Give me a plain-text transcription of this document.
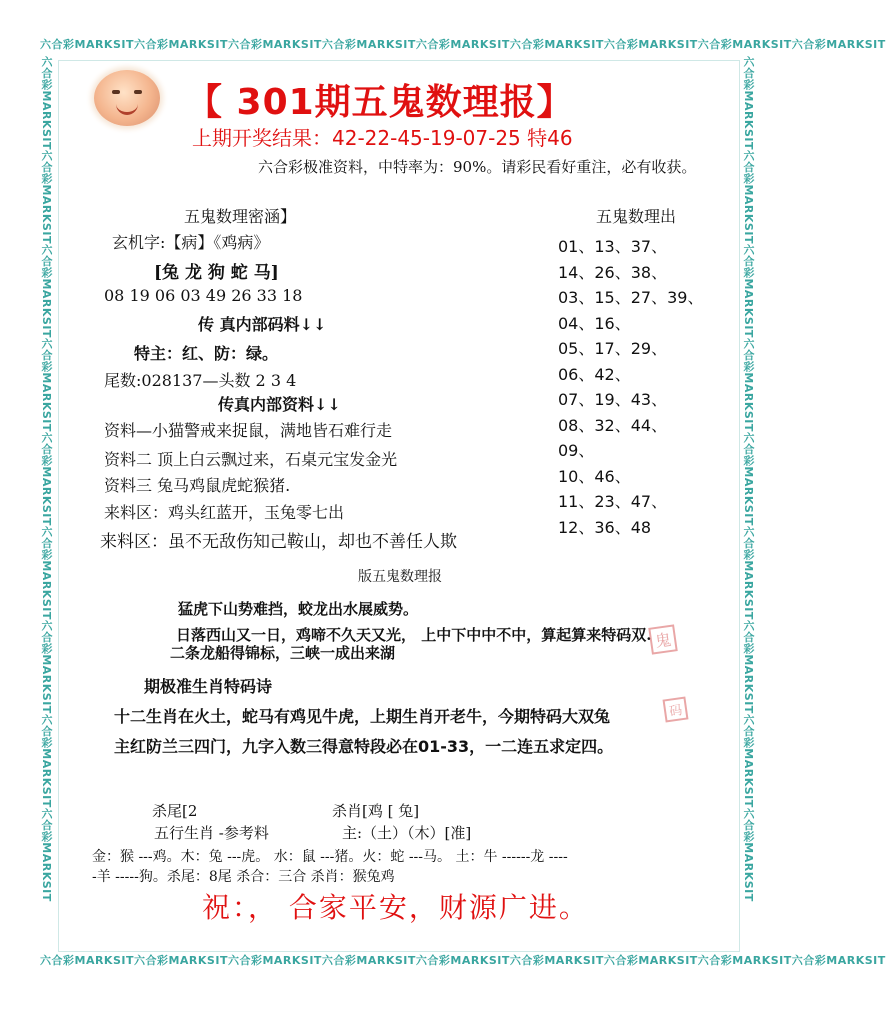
六合彩MARKSIT六合彩MARKSIT六合彩MARKSIT六合彩MARKSIT六合彩MARKSIT六合彩MARKSIT六合彩MARKSIT六合彩MARKSIT六合彩MARKSIT
六合彩MARKSIT六合彩MARKSIT六合彩MARKSIT六合彩MARKSIT六合彩MARKSIT六合彩MARKSIT六合彩MARKSIT六合彩MARKSIT六合彩MARKSIT
六合彩MARKSIT六合彩MARKSIT六合彩MARKSIT六合彩MARKSIT六合彩MARKSIT六合彩MARKSIT六合彩MARKSIT六合彩MARKSIT六合彩MARKSIT	六合彩MARKSIT六合彩MARKSIT六合彩MARKSIT六合彩MARKSIT六合彩MARKSIT六合彩MARKSIT六合彩MARKSIT六合彩MARKSIT六合彩MARKSIT
【 301期五鬼数理报】
上期开奖结果：42-22-45-19-07-25 特46
六合彩极准资料，中特率为：90%。请彩民看好重注，必有收获。
五鬼数理密涵】
玄机字:【病】《鸡病》
[兔 龙 狗 蛇 马]
08 19 06 03 49 26 33 18
传 真内部码料↓↓
特主：红、防：绿。
尾数:028137—头数 2 3 4
传真内部资料↓↓
资料—小猫警戒来捉鼠，满地皆石难行走
资料二 顶上白云飘过来，石桌元宝发金光
资料三 兔马鸡鼠虎蛇猴猪.
来料区：鸡头红蓝开，玉兔零七出
来料区：虽不无敌伤知己鞍山，却也不善任人欺
五鬼数理出
01、13、37、
14、26、38、
03、15、27、39、
04、16、
05、17、29、
06、42、
07、19、43、
08、32、44、
09、
10、46、
11、23、47、
12、36、48
版五鬼数理报
猛虎下山势难挡，蛟龙出水展威势。
日落西山又一日，鸡啼不久天又光， 上中下中中不中，算起算来特码双.
二条龙船得锦标，三峡一成出来湖
鬼
期极准生肖特码诗
十二生肖在火土，蛇马有鸡见牛虎，上期生肖开老牛，今期特码大双兔
主红防兰三四门，九字入数三得意特段必在01-33，一二连五求定四。
码
杀尾[2	杀肖[鸡 [ 兔]
五行生肖 -参考料	主:（土）（木）[准]
金：猴 ---鸡。木：兔 ---虎。 水：鼠 ---猪。火：蛇 ---马。 土：牛 ------龙 ----
-羊 -----狗。杀尾：8尾 杀合：三合 杀肖：猴兔鸡
祝：， 合家平安，财源广进。
